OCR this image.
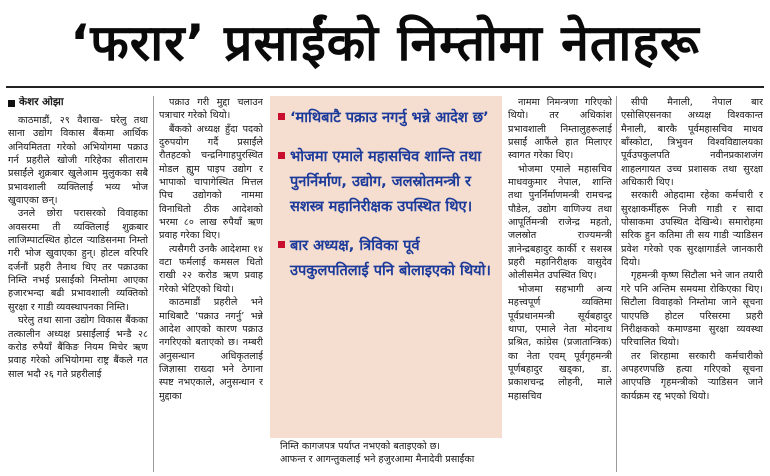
‘फरार’ प्रसाईंको निम्तोमा नेताहरू
केशर ओझा

काठमाडौं, २९ वैशाख- घरेलु तथा साना उद्योग विकास बैंकमा आर्थिक अनियमितता गरेको अभियोगमा पक्राउ गर्न प्रहरीले खोजी गरिहेका सीताराम प्रसाईंले शुक्रबार खुलेआम मुलुकका सबै प्रभावशाली व्यक्तिलाई भव्य भोज खुवाएका छन्।

उनले छोरा परासरको विवाहका अवसरमा ती व्यक्तिलाई शुक्रबार लाजिम्पाटस्थित होटल र्‍याडिसनमा निम्तो गरी भोज खुवाएका हुन्। होटल वरिपरि दर्जनौं प्रहरी तैनाथ थिए तर पक्राउका निम्ति नभई प्रसाईंको निम्तोमा आएका हजारभन्दा बढी प्रभावशाली व्यक्तिको सुरक्षा र गाडी व्यवस्थापनका निम्ति।

घरेलु तथा साना उद्योग विकास बैंकका तत्कालीन अध्यक्ष प्रसाईंलाई भन्डै २८ करोड रुपैयाँ बैंकिङ नियम मिचेर ऋण प्रवाह गरेको अभियोगमा राष्ट्र बैंकले गत साल भदौ २६ गते प्रहरीलाई

पक्राउ गरी मुद्दा चलाउन पत्राचार गरेको थियो।

बैंकको अध्यक्ष हुँदा पदको दुरुपयोग गर्दै प्रसाईंले रौतहटको चन्द्रनिगाहपुरस्थित मोडल ह्युम पाइप उद्योग र भापाको चापागेस्थित मित्तल पिच उद्योगको नाममा विनाधितो ठीक आदेशको भरमा ८० लाख रुपैयाँ ऋण प्रवाह गरेका थिए।

त्यसैगरी उनकै आदेशमा १४ वटा फर्मलाई कमसल धितो राखी २२ करोड ऋण प्रवाह गरेको भेटिएको थियो।

काठमाडौं प्रहरीले भने माथिबाटै ‘पक्राउ नगर्नु’ भन्ने आदेश आएको कारण पक्राउ नगरिएको बताएको छ। नम्बरी अनुसन्धान अधिकृतलाई जिज्ञासा राख्दा भने ठेगाना स्पष्ट नभएकाले, अनुसन्धान र मुद्दाका

‘माथिबाटै पक्राउ नगर्नु भन्ने आदेश छ’
भोजमा एमाले महासचिव शान्ति तथा पुनर्निर्माण, उद्योग, जलस्रोतमन्त्री र सशस्त्र महानिरीक्षक उपस्थित थिए।
बार अध्यक्ष, त्रिविका पूर्व उपकुलपतिलाई पनि बोलाइएको थियो।

निम्ति कागजपत्र पर्याप्त नभएको बताइएको छ।

आफन्त र आगन्तुकलाई भने हजुरआमा मैनादेवी प्रसाईंका

नाममा निमन्त्रणा गरिएको थियो। तर अधिकांश प्रभावशाली निम्तालुहरूलाई प्रसाईं आफैंले हात मिलाएर स्वागत गरेका थिए।

भोजमा एमाले महासचिव माधवकुमार नेपाल, शान्ति तथा पुनर्निर्माणमन्त्री रामचन्द्र पौडेल, उद्योग वाणिज्य तथा आपूर्तिमन्त्री राजेन्द्र महतो, जलस्रोत राज्यमन्त्री ज्ञानेन्द्रबहादुर कार्की र सशस्त्र प्रहरी महानिरीक्षक वासुदेव ओलीसमेत उपस्थित थिए।

भोजमा सहभागी अन्य महत्त्वपूर्ण व्यक्तिमा पूर्वप्रधानमन्त्री सूर्यबहादुर थापा, एमाले नेता मोदनाथ प्रश्रित, कांग्रेस (प्रजातान्त्रिक) का नेता एवम् पूर्वगृहमन्त्री पूर्णबहादुर खड्का, डा. प्रकाशचन्द्र लोहनी, माले महासचिव

सीपी मैनाली, नेपाल बार एसोसिएसनका अध्यक्ष विश्वकान्त मैनाली, बारकै पूर्वमहासचिव माधव बाँस्कोटा, त्रिभुवन विश्वविद्यालयका पूर्वउपकुलपति नवीनप्रकाशजंग शाहलगायत उच्च प्रशासक तथा सुरक्षा अधिकारी थिए।

सरकारी ओहदामा रहेका कर्मचारी र सुरक्षाकर्मीहरू निजी गाडी र सादा पोसाकमा उपस्थित देखिन्थे। समारोहमा सरिक हुन कतिमा ती सय गाडी र्‍याडिसन प्रवेश गरेको एक सुरक्षागार्डले जानकारी दियो।

गृहमन्त्री कृष्ण सिटौला भने जान तयारी गरे पनि अन्तिम समयमा रोकिएका थिए। सिटौला विवाहको निम्तोमा जाने सूचना पाएपछि होटल परिसरमा प्रहरी निरीक्षकको कमाण्डमा सुरक्षा व्यवस्था परिचालित थियो।

तर शिरहामा सरकारी कर्मचारीको अपहरणपछि हत्या गरिएको सूचना आएपछि गृहमन्त्रीको र्‍याडिसन जाने कार्यक्रम रद्द भएको थियो।
